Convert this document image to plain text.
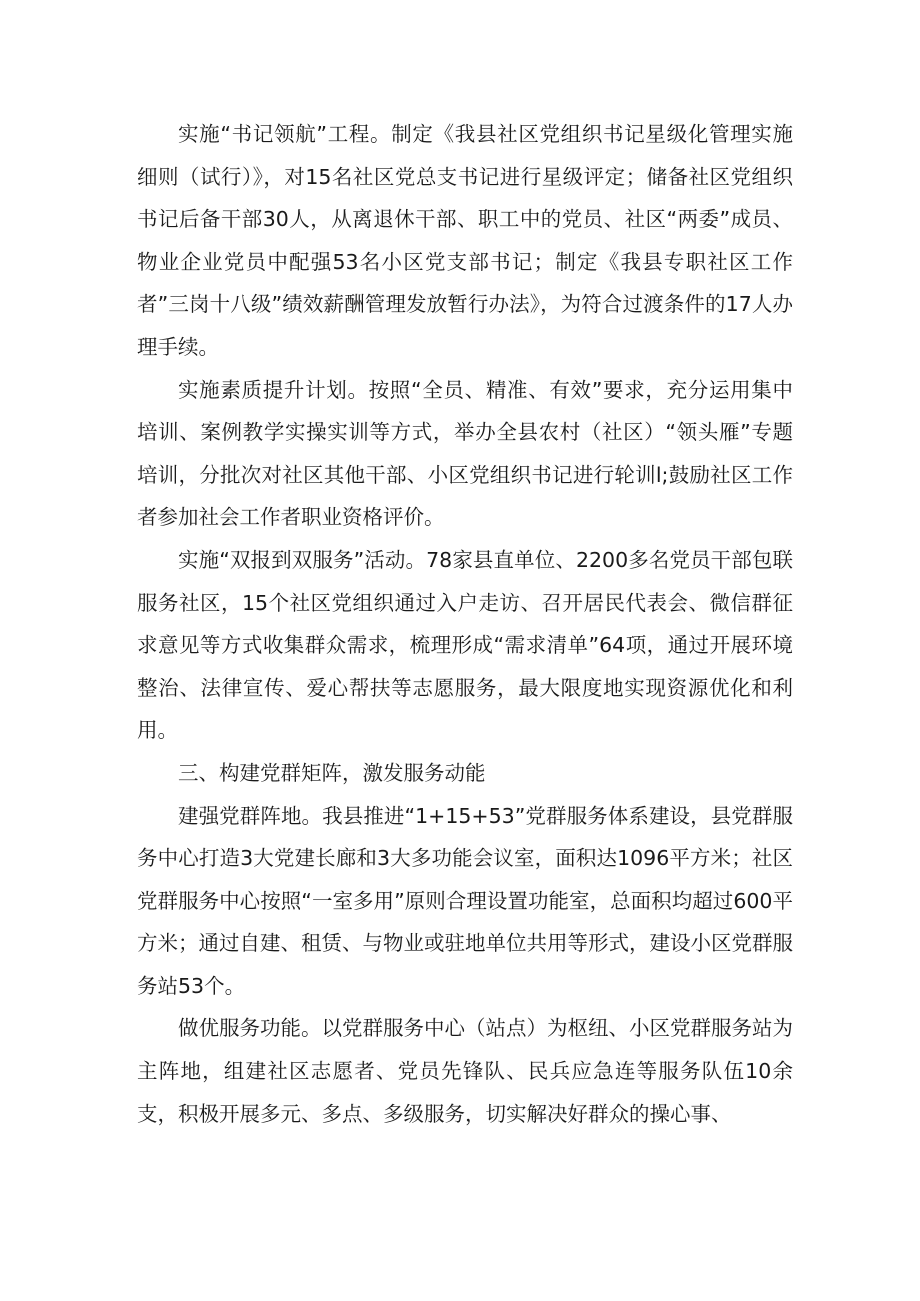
实施“书记领航”工程。制定《我县社区党组织书记星级化管理实施细则（试行）》，对15名社区党总支书记进行星级评定；储备社区党组织书记后备干部30人，从离退休干部、职工中的党员、社区“两委”成员、物业企业党员中配强53名小区党支部书记；制定《我县专职社区工作者”三岗十八级”绩效薪酬管理发放暂行办法》，为符合过渡条件的17人办理手续。

实施素质提升计划。按照“全员、精准、有效”要求，充分运用集中培训、案例教学实操实训等方式，举办全县农村（社区）“领头雁”专题培训，分批次对社区其他干部、小区党组织书记进行轮训l;鼓励社区工作者参加社会工作者职业资格评价。

实施“双报到双服务”活动。78家县直单位、2200多名党员干部包联服务社区，15个社区党组织通过入户走访、召开居民代表会、微信群征求意见等方式收集群众需求，梳理形成“需求清单”64项，通过开展环境整治、法律宣传、爱心帮扶等志愿服务，最大限度地实现资源优化和利用。

三、构建党群矩阵，激发服务动能

建强党群阵地。我县推进“1+15+53”党群服务体系建设，县党群服务中心打造3大党建长廊和3大多功能会议室，面积达1096平方米；社区党群服务中心按照“一室多用”原则合理设置功能室，总面积均超过600平方米；通过自建、租赁、与物业或驻地单位共用等形式，建设小区党群服务站53个。

做优服务功能。以党群服务中心（站点）为枢纽、小区党群服务站为主阵地，组建社区志愿者、党员先锋队、民兵应急连等服务队伍10余支，积极开展多元、多点、多级服务，切实解决好群众的操心事、
